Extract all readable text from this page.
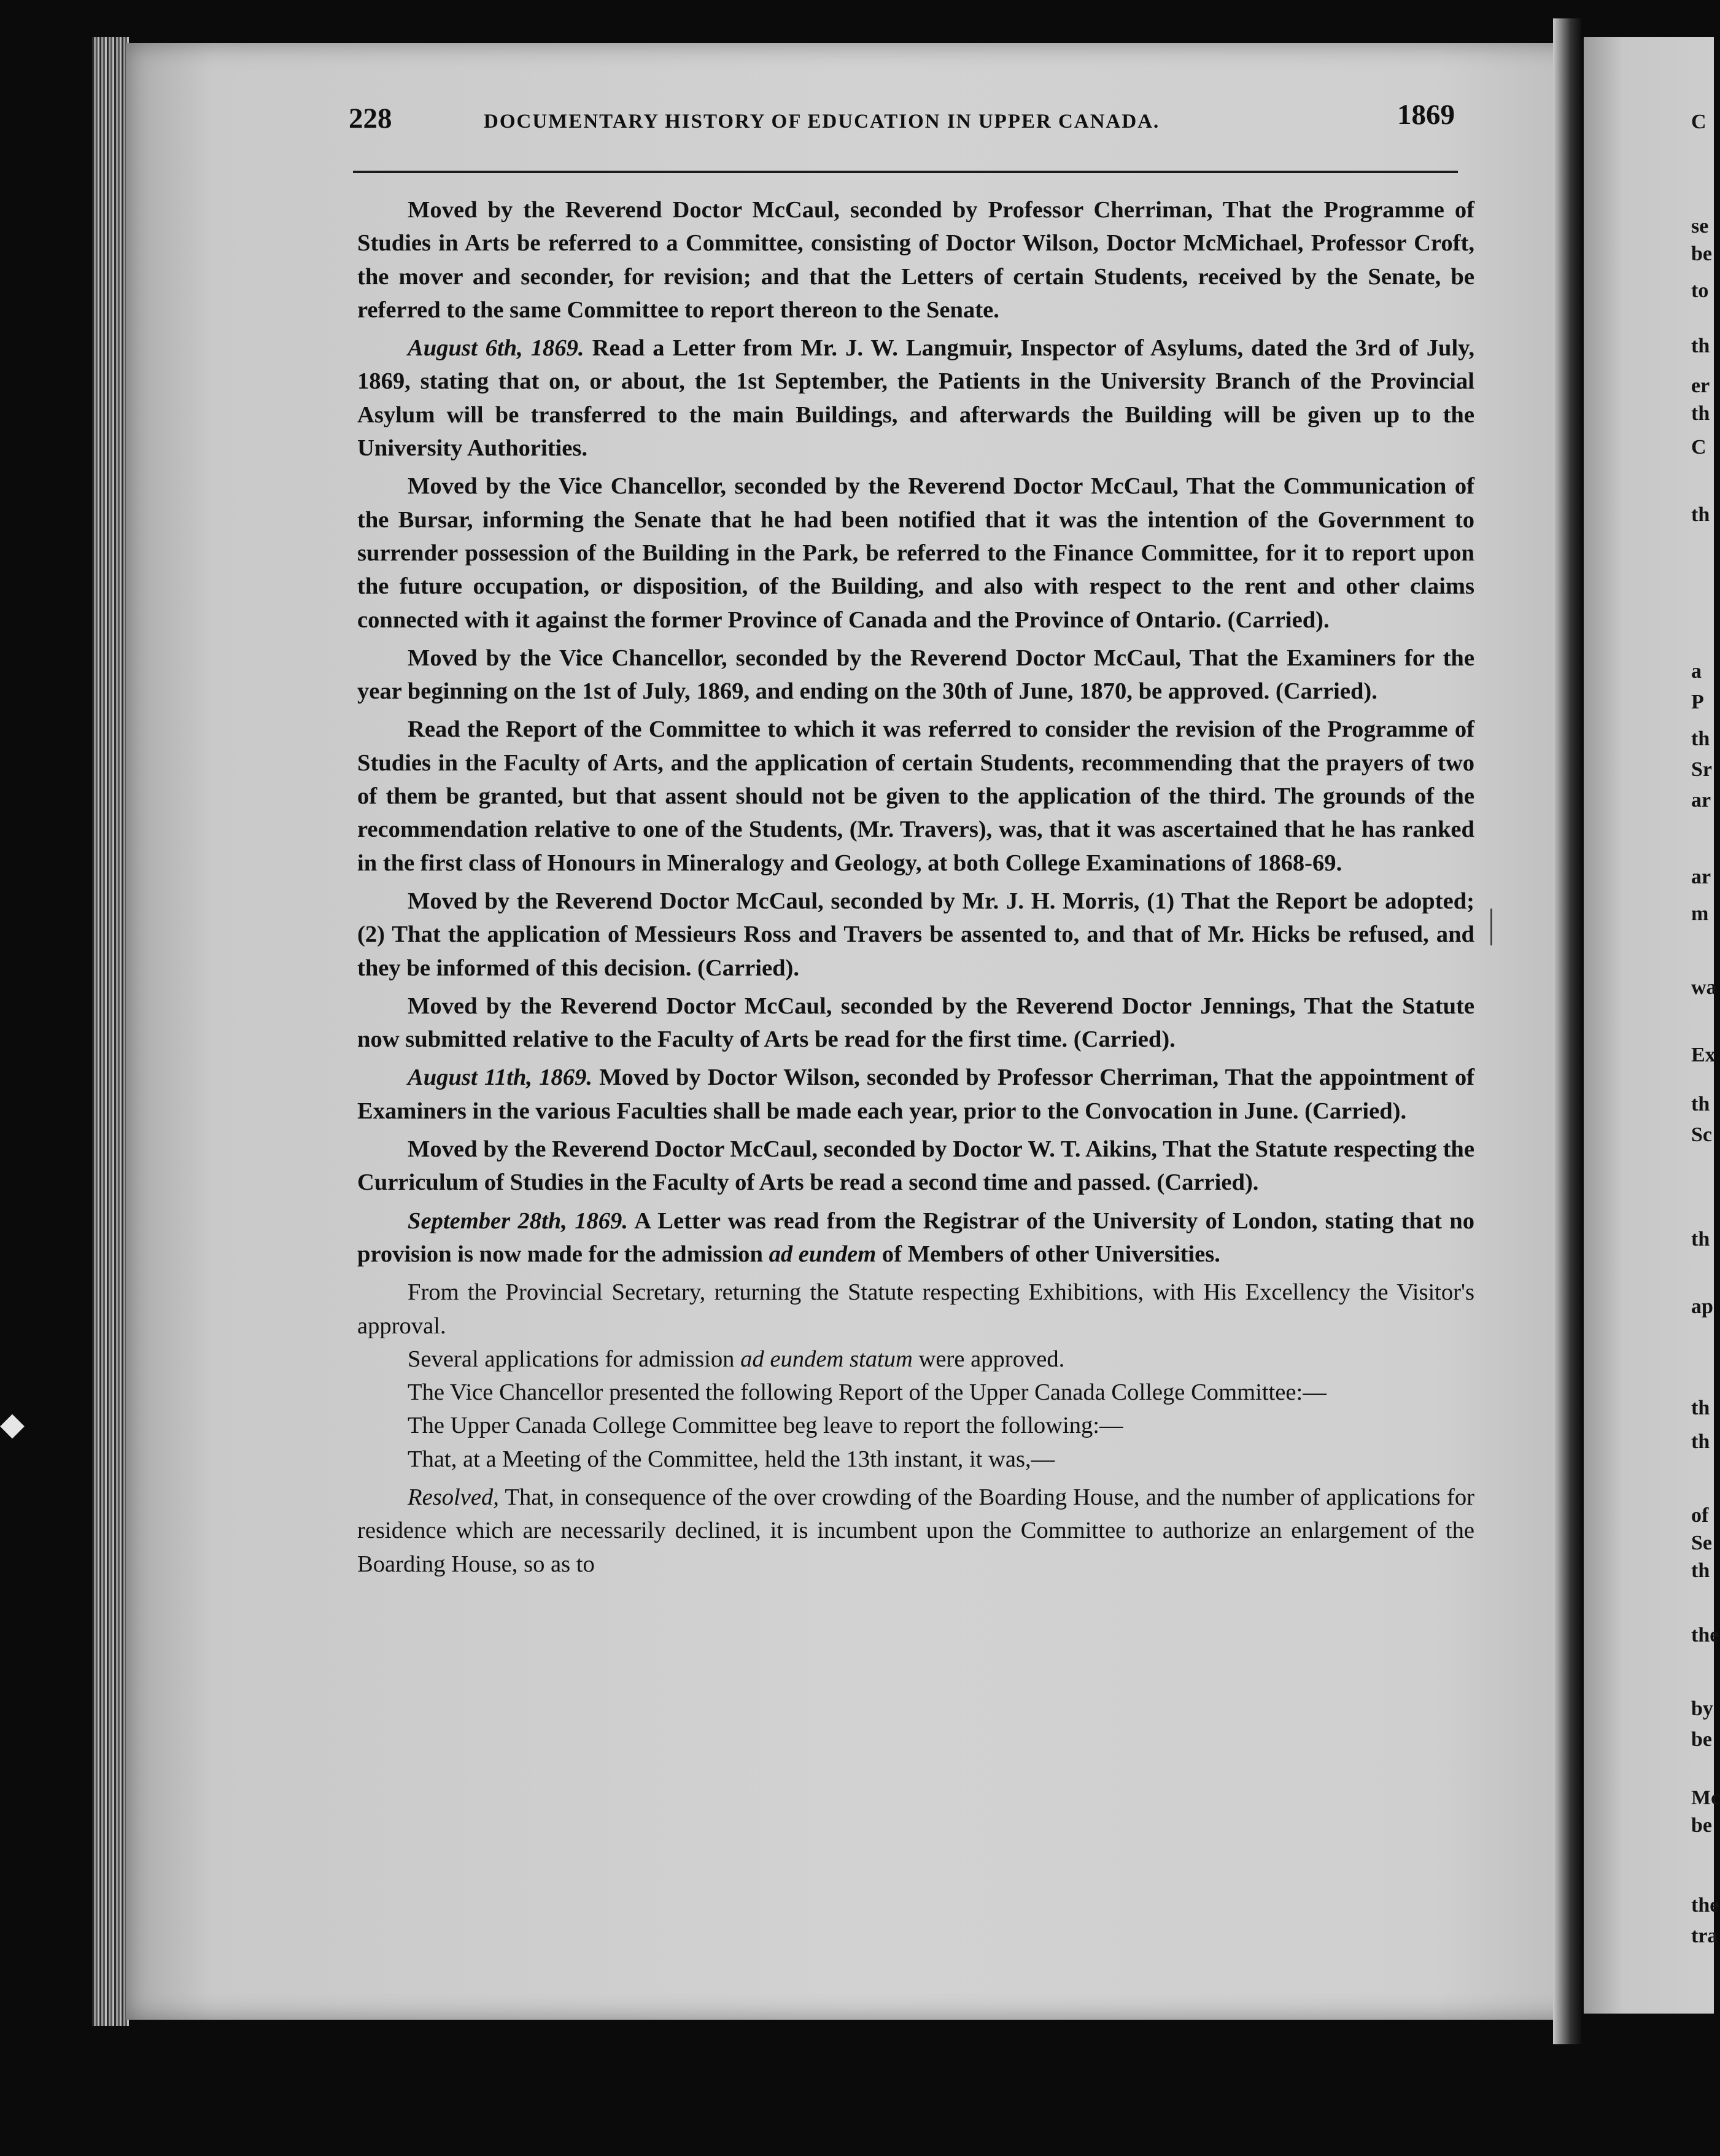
◆
C
se
be
to
th
er
th
C
th
a
P
th
Sr
ar
ar
m
wa
Ex
th
Sc
th
ap
th
th
of
Se
th
the
by
be
Mc
be
the
tra
228	DOCUMENTARY HISTORY OF EDUCATION IN UPPER CANADA.	1869

Moved by the Reverend Doctor McCaul, seconded by Professor Cherriman, That the Programme of Studies in Arts be referred to a Committee, consisting of Doctor Wilson, Doctor McMichael, Professor Croft, the mover and seconder, for revision; and that the Letters of certain Students, received by the Senate, be referred to the same Committee to report thereon to the Senate.

August 6th, 1869. Read a Letter from Mr. J. W. Langmuir, Inspector of Asylums, dated the 3rd of July, 1869, stating that on, or about, the 1st September, the Patients in the University Branch of the Provincial Asylum will be transferred to the main Buildings, and afterwards the Building will be given up to the University Authorities.

Moved by the Vice Chancellor, seconded by the Reverend Doctor McCaul, That the Communication of the Bursar, informing the Senate that he had been notified that it was the intention of the Government to surrender possession of the Building in the Park, be referred to the Finance Committee, for it to report upon the future occupation, or disposition, of the Building, and also with respect to the rent and other claims connected with it against the former Province of Canada and the Province of Ontario. (Carried).

Moved by the Vice Chancellor, seconded by the Reverend Doctor McCaul, That the Examiners for the year beginning on the 1st of July, 1869, and ending on the 30th of June, 1870, be approved. (Carried).

Read the Report of the Committee to which it was referred to consider the revision of the Programme of Studies in the Faculty of Arts, and the application of certain Students, recommending that the prayers of two of them be granted, but that assent should not be given to the application of the third. The grounds of the recommendation relative to one of the Students, (Mr. Travers), was, that it was ascertained that he has ranked in the first class of Honours in Mineralogy and Geology, at both College Examinations of 1868-69.

Moved by the Reverend Doctor McCaul, seconded by Mr. J. H. Morris, (1) That the Report be adopted; (2) That the application of Messieurs Ross and Travers be assented to, and that of Mr. Hicks be refused, and they be informed of this decision. (Carried).

Moved by the Reverend Doctor McCaul, seconded by the Reverend Doctor Jennings, That the Statute now submitted relative to the Faculty of Arts be read for the first time. (Carried).

August 11th, 1869. Moved by Doctor Wilson, seconded by Professor Cherriman, That the appointment of Examiners in the various Faculties shall be made each year, prior to the Convocation in June. (Carried).

Moved by the Reverend Doctor McCaul, seconded by Doctor W. T. Aikins, That the Statute respecting the Curriculum of Studies in the Faculty of Arts be read a second time and passed. (Carried).

September 28th, 1869. A Letter was read from the Registrar of the University of London, stating that no provision is now made for the admission ad eundem of Members of other Universities.

From the Provincial Secretary, returning the Statute respecting Exhibitions, with His Excellency the Visitor's approval.

Several applications for admission ad eundem statum were approved.

The Vice Chancellor presented the following Report of the Upper Canada College Committee:—

The Upper Canada College Committee beg leave to report the following:—

That, at a Meeting of the Committee, held the 13th instant, it was,—

Resolved, That, in consequence of the over crowding of the Boarding House, and the number of applications for residence which are necessarily declined, it is incumbent upon the Committee to authorize an enlargement of the Boarding House, so as to
